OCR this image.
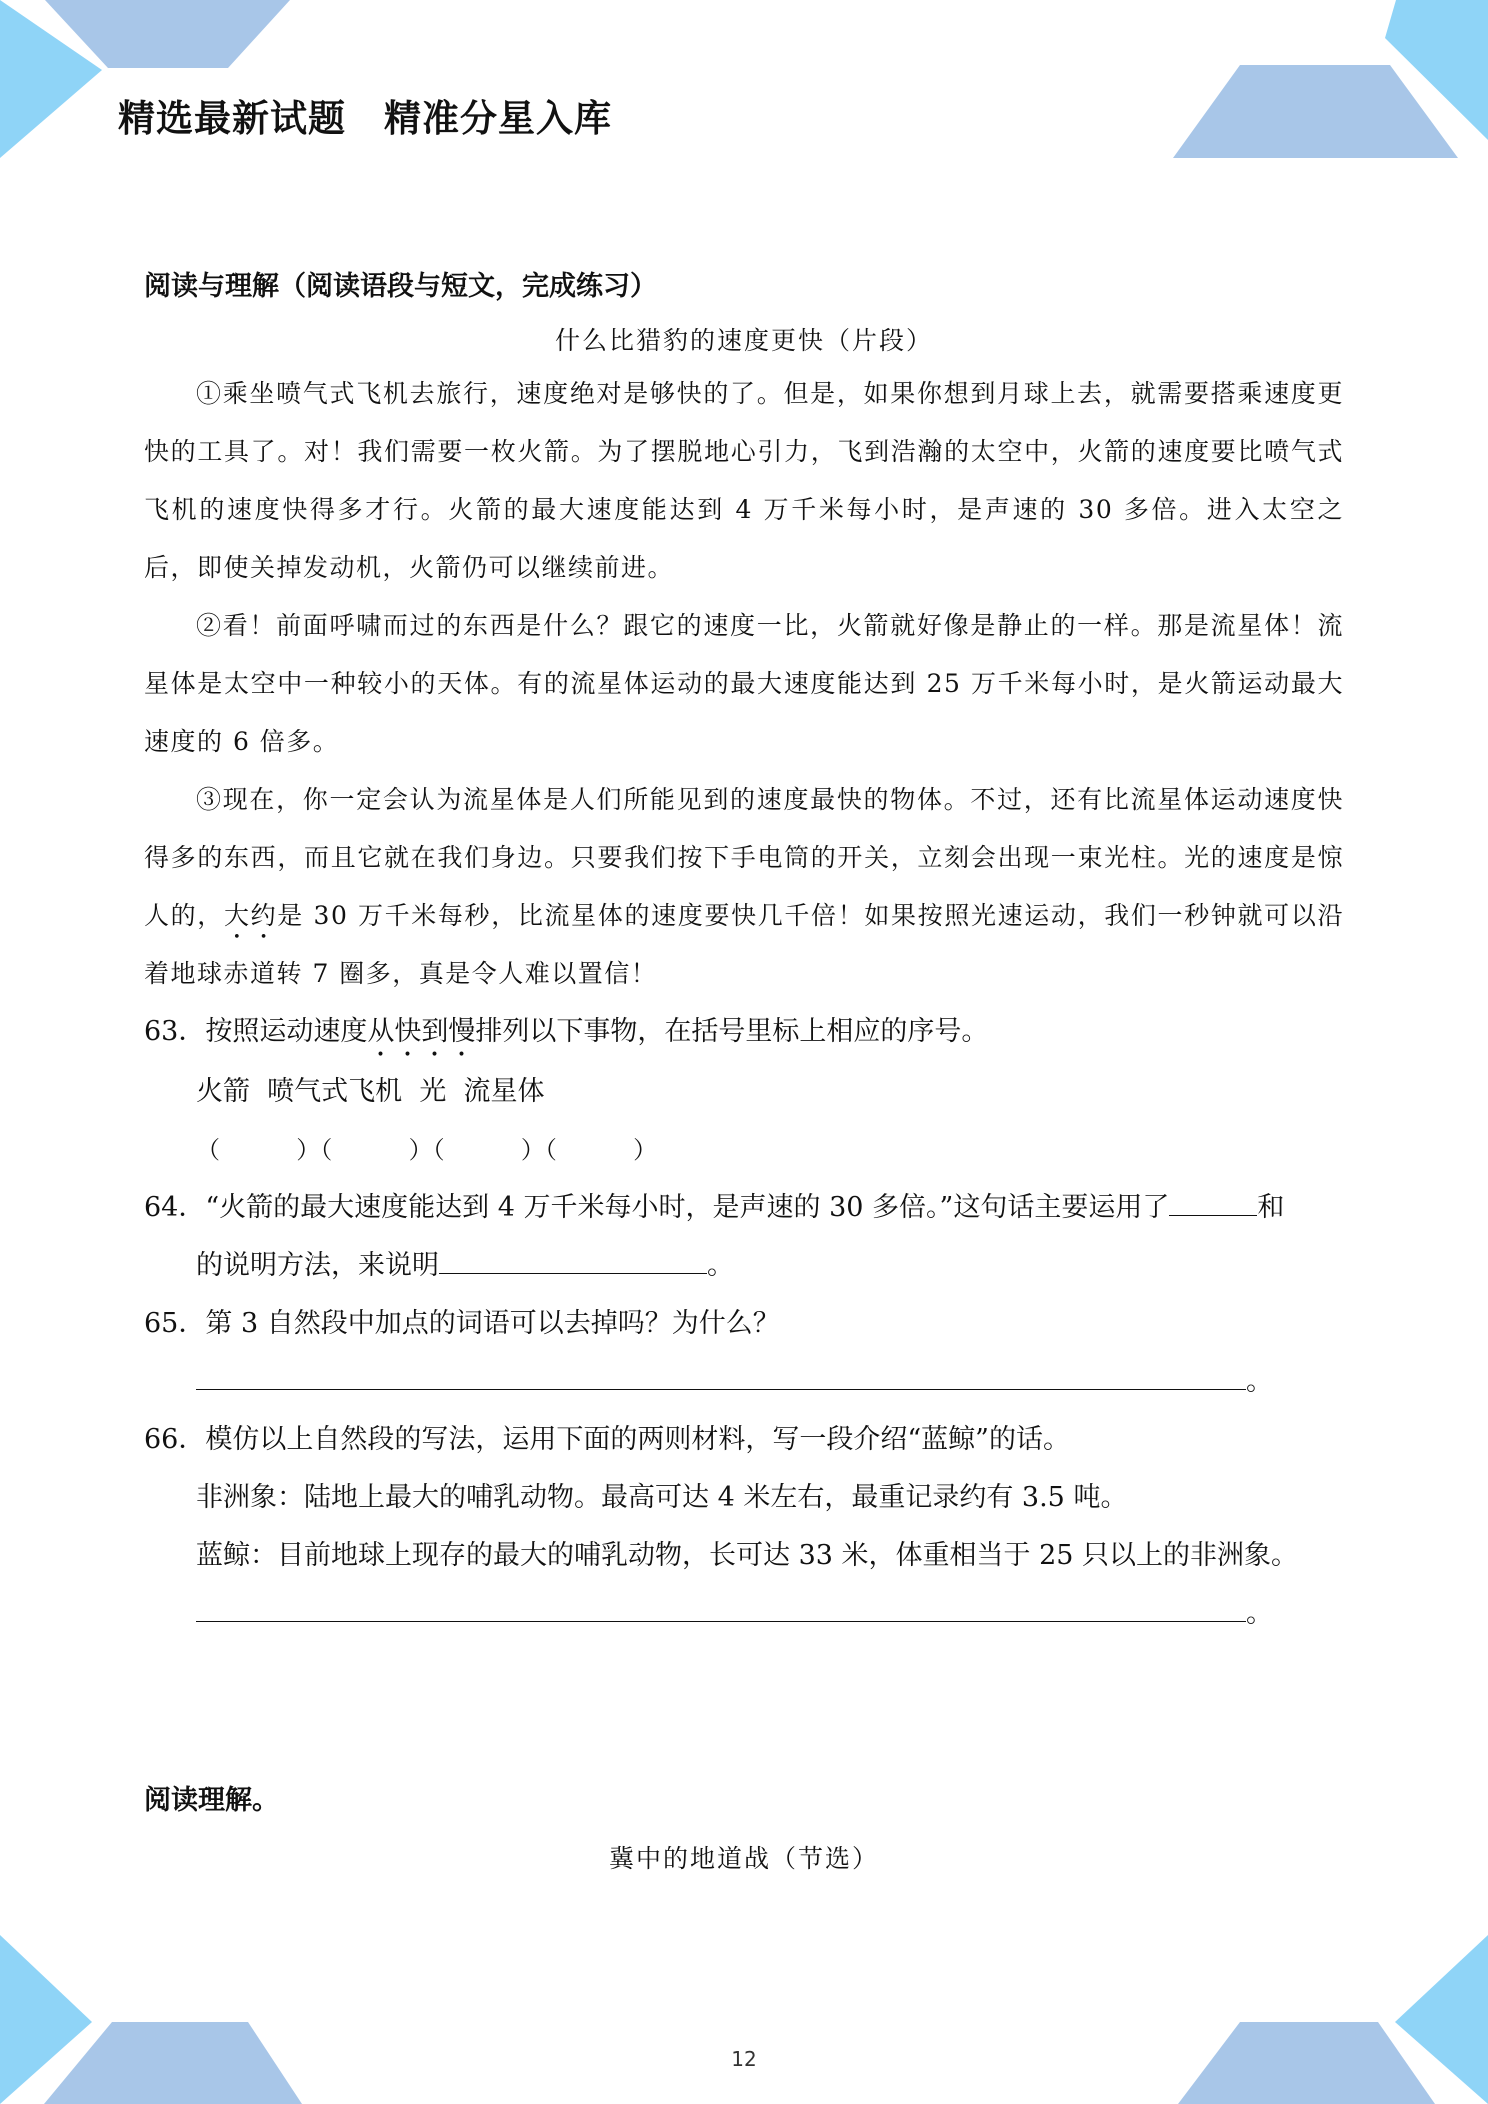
精选最新试题　精准分星入库
阅读与理解（阅读语段与短文，完成练习）
什么比猎豹的速度更快（片段）
①乘坐喷气式飞机去旅行，速度绝对是够快的了。但是，如果你想到月球上去，就需要搭乘速度更快的工具了。对！我们需要一枚火箭。为了摆脱地心引力，飞到浩瀚的太空中，火箭的速度要比喷气式飞机的速度快得多才行。火箭的最大速度能达到 4 万千米每小时，是声速的 30 多倍。进入太空之后，即使关掉发动机，火箭仍可以继续前进。
②看！前面呼啸而过的东西是什么？跟它的速度一比，火箭就好像是静止的一样。那是流星体！流星体是太空中一种较小的天体。有的流星体运动的最大速度能达到 25 万千米每小时，是火箭运动最大速度的 6 倍多。
③现在，你一定会认为流星体是人们所能见到的速度最快的物体。不过，还有比流星体运动速度快得多的东西，而且它就在我们身边。只要我们按下手电筒的开关，立刻会出现一束光柱。光的速度是惊人的，大约是 30 万千米每秒，比流星体的速度要快几千倍！如果按照光速运动，我们一秒钟就可以沿着地球赤道转 7 圈多，真是令人难以置信！
63．按照运动速度从快到慢排列以下事物，在括号里标上相应的序号。
火箭  喷气式飞机  光  流星体
（          ）（          ）（          ）（          ）
64．“火箭的最大速度能达到 4 万千米每小时，是声速的 30 多倍。”这句话主要运用了	和
的说明方法，来说明	。
65．第 3 自然段中加点的词语可以去掉吗？为什么？
。
66．模仿以上自然段的写法，运用下面的两则材料，写一段介绍“蓝鲸”的话。
非洲象：陆地上最大的哺乳动物。最高可达 4 米左右，最重记录约有 3.5 吨。
蓝鲸：目前地球上现存的最大的哺乳动物，长可达 33 米，体重相当于 25 只以上的非洲象。
。
阅读理解。
冀中的地道战（节选）
12
